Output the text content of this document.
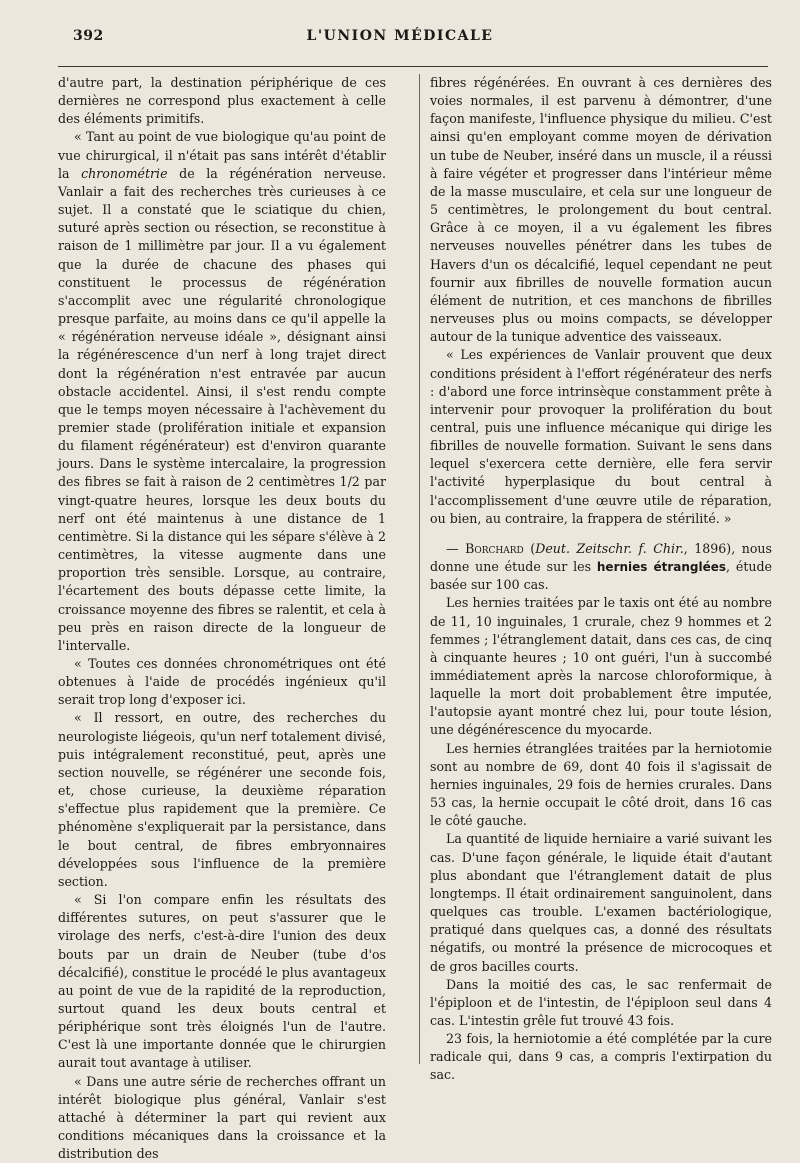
392	L'UNION MÉDICALE

d'autre part, la destination périphérique de ces dernières ne correspond plus exactement à celle des éléments primitifs.

« Tant au point de vue biologique qu'au point de vue chirurgical, il n'était pas sans intérêt d'établir la chronométrie de la régénération nerveuse. Vanlair a fait des recherches très curieuses à ce sujet. Il a constaté que le sciatique du chien, suturé après section ou résection, se reconstitue à raison de 1 millimètre par jour. Il a vu également que la durée de chacune des phases qui constituent le processus de régénération s'accomplit avec une régularité chronologique presque parfaite, au moins dans ce qu'il appelle la « régénération nerveuse idéale », désignant ainsi la régénérescence d'un nerf à long trajet direct dont la régénération n'est entravée par aucun obstacle accidentel. Ainsi, il s'est rendu compte que le temps moyen nécessaire à l'achèvement du premier stade (prolifération initiale et expansion du filament régénérateur) est d'environ quarante jours. Dans le système intercalaire, la progression des fibres se fait à raison de 2 centimètres 1/2 par vingt-quatre heures, lorsque les deux bouts du nerf ont été maintenus à une distance de 1 centimètre. Si la distance qui les sépare s'élève à 2 centimètres, la vitesse augmente dans une proportion très sensible. Lorsque, au contraire, l'écartement des bouts dépasse cette limite, la croissance moyenne des fibres se ralentit, et cela à peu près en raison directe de la longueur de l'intervalle.

« Toutes ces données chronométriques ont été obtenues à l'aide de procédés ingénieux qu'il serait trop long d'exposer ici.

« Il ressort, en outre, des recherches du neurologiste liégeois, qu'un nerf totalement divisé, puis intégralement reconstitué, peut, après une section nouvelle, se régénérer une seconde fois, et, chose curieuse, la deuxième réparation s'effectue plus rapidement que la première. Ce phénomène s'expliquerait par la persistance, dans le bout central, de fibres embryonnaires développées sous l'influence de la première section.

« Si l'on compare enfin les résultats des différentes sutures, on peut s'assurer que le virolage des nerfs, c'est-à-dire l'union des deux bouts par un drain de Neuber (tube d'os décalcifié), constitue le procédé le plus avantageux au point de vue de la rapidité de la reproduction, surtout quand les deux bouts central et périphérique sont très éloignés l'un de l'autre. C'est là une importante donnée que le chirurgien aurait tout avantage à utiliser.

« Dans une autre série de recherches offrant un intérêt biologique plus général, Vanlair s'est attaché à déterminer la part qui revient aux conditions mécaniques dans la croissance et la distribution des

fibres régénérées. En ouvrant à ces dernières des voies normales, il est parvenu à démontrer, d'une façon manifeste, l'influence physique du milieu. C'est ainsi qu'en employant comme moyen de dérivation un tube de Neuber, inséré dans un muscle, il a réussi à faire végéter et progresser dans l'intérieur même de la masse musculaire, et cela sur une longueur de 5 centimètres, le prolongement du bout central. Grâce à ce moyen, il a vu également les fibres nerveuses nouvelles pénétrer dans les tubes de Havers d'un os décalcifié, lequel cependant ne peut fournir aux fibrilles de nouvelle formation aucun élément de nutrition, et ces manchons de fibrilles nerveuses plus ou moins compacts, se développer autour de la tunique adventice des vaisseaux.

« Les expériences de Vanlair prouvent que deux conditions président à l'effort régénérateur des nerfs : d'abord une force intrinsèque constamment prête à intervenir pour provoquer la prolifération du bout central, puis une influence mécanique qui dirige les fibrilles de nouvelle formation. Suivant le sens dans lequel s'exercera cette dernière, elle fera servir l'activité hyperplasique du bout central à l'accomplissement d'une œuvre utile de réparation, ou bien, au contraire, la frappera de stérilité. »

— Borchard (Deut. Zeitschr. f. Chir., 1896), nous donne une étude sur les hernies étranglées, étude basée sur 100 cas.

Les hernies traitées par le taxis ont été au nombre de 11, 10 inguinales, 1 crurale, chez 9 hommes et 2 femmes ; l'étranglement datait, dans ces cas, de cinq à cinquante heures ; 10 ont guéri, l'un à succombé immédiatement après la narcose chloroformique, à laquelle la mort doit probablement être imputée, l'autopsie ayant montré chez lui, pour toute lésion, une dégénérescence du myocarde.

Les hernies étranglées traitées par la herniotomie sont au nombre de 69, dont 40 fois il s'agissait de hernies inguinales, 29 fois de hernies crurales. Dans 53 cas, la hernie occupait le côté droit, dans 16 cas le côté gauche.

La quantité de liquide herniaire a varié suivant les cas. D'une façon générale, le liquide était d'autant plus abondant que l'étranglement datait de plus longtemps. Il était ordinairement sanguinolent, dans quelques cas trouble. L'examen bactériologique, pratiqué dans quelques cas, a donné des résultats négatifs, ou montré la présence de microcoques et de gros bacilles courts.

Dans la moitié des cas, le sac renfermait de l'épiploon et de l'intestin, de l'épiploon seul dans 4 cas. L'intestin grêle fut trouvé 43 fois.

23 fois, la herniotomie a été complétée par la cure radicale qui, dans 9 cas, a compris l'extirpation du sac.
